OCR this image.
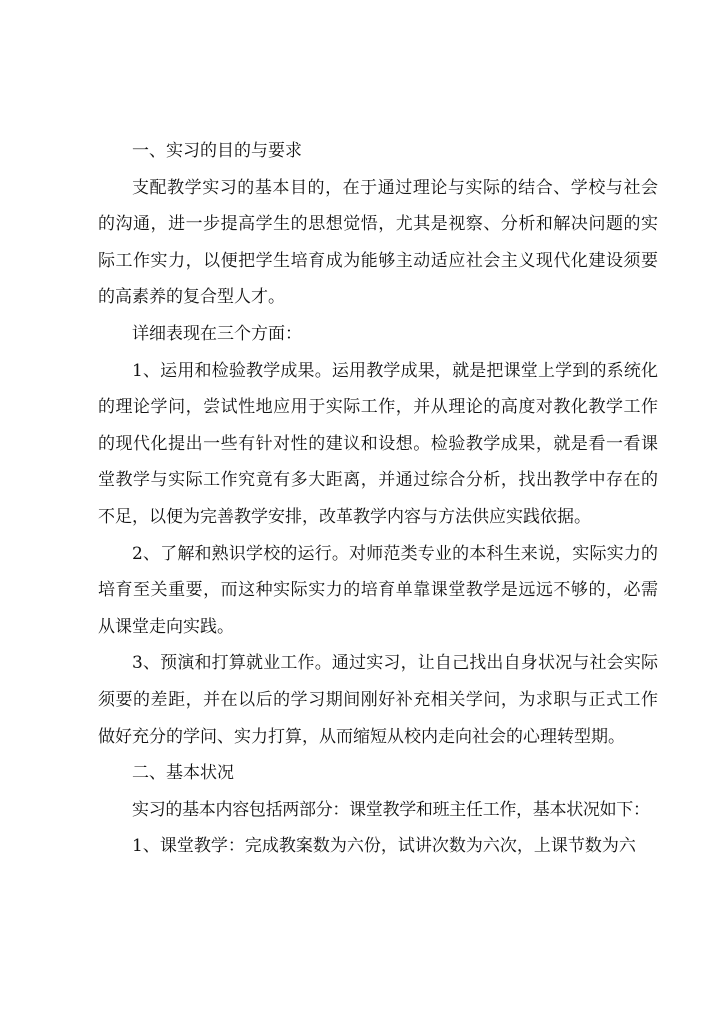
一、实习的目的与要求

支配教学实习的基本目的，在于通过理论与实际的结合、学校与社会的沟通，进一步提高学生的思想觉悟，尤其是视察、分析和解决问题的实际工作实力，以便把学生培育成为能够主动适应社会主义现代化建设须要的高素养的复合型人才。

详细表现在三个方面：

1、运用和检验教学成果。运用教学成果，就是把课堂上学到的系统化的理论学问，尝试性地应用于实际工作，并从理论的高度对教化教学工作的现代化提出一些有针对性的建议和设想。检验教学成果，就是看一看课堂教学与实际工作究竟有多大距离，并通过综合分析，找出教学中存在的不足，以便为完善教学安排，改革教学内容与方法供应实践依据。

2、了解和熟识学校的运行。对师范类专业的本科生来说，实际实力的培育至关重要，而这种实际实力的培育单靠课堂教学是远远不够的，必需从课堂走向实践。

3、预演和打算就业工作。通过实习，让自己找出自身状况与社会实际须要的差距，并在以后的学习期间刚好补充相关学问，为求职与正式工作做好充分的学问、实力打算，从而缩短从校内走向社会的心理转型期。

二、基本状况

实习的基本内容包括两部分：课堂教学和班主任工作，基本状况如下：

1、课堂教学：完成教案数为六份，试讲次数为六次，上课节数为六
